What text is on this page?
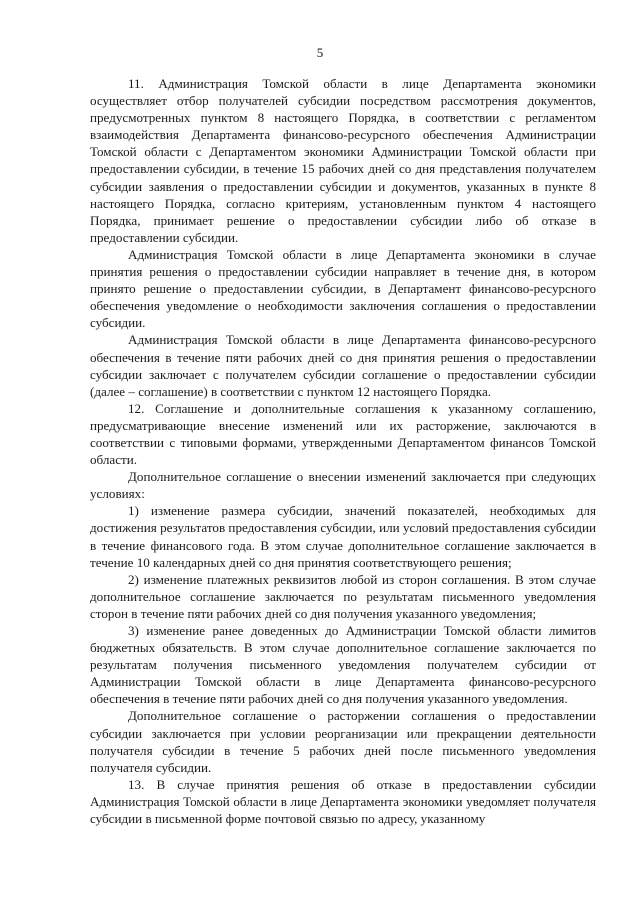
5

11. Администрация Томской области в лице Департамента экономики осуществляет отбор получателей субсидии посредством рассмотрения документов, предусмотренных пунктом 8 настоящего Порядка, в соответствии с регламентом взаимодействия Департамента финансово-ресурсного обеспечения Администрации Томской области с Департаментом экономики Администрации Томской области при предоставлении субсидии, в течение 15 рабочих дней со дня представления получателем субсидии заявления о предоставлении субсидии и документов, указанных в пункте 8 настоящего Порядка, согласно критериям, установленным пунктом 4 настоящего Порядка, принимает решение о предоставлении субсидии либо об отказе в предоставлении субсидии.

Администрация Томской области в лице Департамента экономики в случае принятия решения о предоставлении субсидии направляет в течение дня, в котором принято решение о предоставлении субсидии, в Департамент финансово-ресурсного обеспечения уведомление о необходимости заключения соглашения о предоставлении субсидии.

Администрация Томской области в лице Департамента финансово-ресурсного обеспечения в течение пяти рабочих дней со дня принятия решения о предоставлении субсидии заключает с получателем субсидии соглашение о предоставлении субсидии (далее – соглашение) в соответствии с пунктом 12 настоящего Порядка.

12. Соглашение и дополнительные соглашения к указанному соглашению, предусматривающие внесение изменений или их расторжение, заключаются в соответствии с типовыми формами, утвержденными Департаментом финансов Томской области.

Дополнительное соглашение о внесении изменений заключается при следующих условиях:

1) изменение размера субсидии, значений показателей, необходимых для достижения результатов предоставления субсидии, или условий предоставления субсидии в течение финансового года. В этом случае дополнительное соглашение заключается в течение 10 календарных дней со дня принятия соответствующего решения;

2) изменение платежных реквизитов любой из сторон соглашения. В этом случае дополнительное соглашение заключается по результатам письменного уведомления сторон в течение пяти рабочих дней со дня получения указанного уведомления;

3) изменение ранее доведенных до Администрации Томской области лимитов бюджетных обязательств. В этом случае дополнительное соглашение заключается по результатам получения письменного уведомления получателем субсидии от Администрации Томской области в лице Департамента финансово-ресурсного обеспечения в течение пяти рабочих дней со дня получения указанного уведомления.

Дополнительное соглашение о расторжении соглашения о предоставлении субсидии заключается при условии реорганизации или прекращении деятельности получателя субсидии в течение 5 рабочих дней после письменного уведомления получателя субсидии.

13. В случае принятия решения об отказе в предоставлении субсидии Администрация Томской области в лице Департамента экономики уведомляет получателя субсидии в письменной форме почтовой связью по адресу, указанному
